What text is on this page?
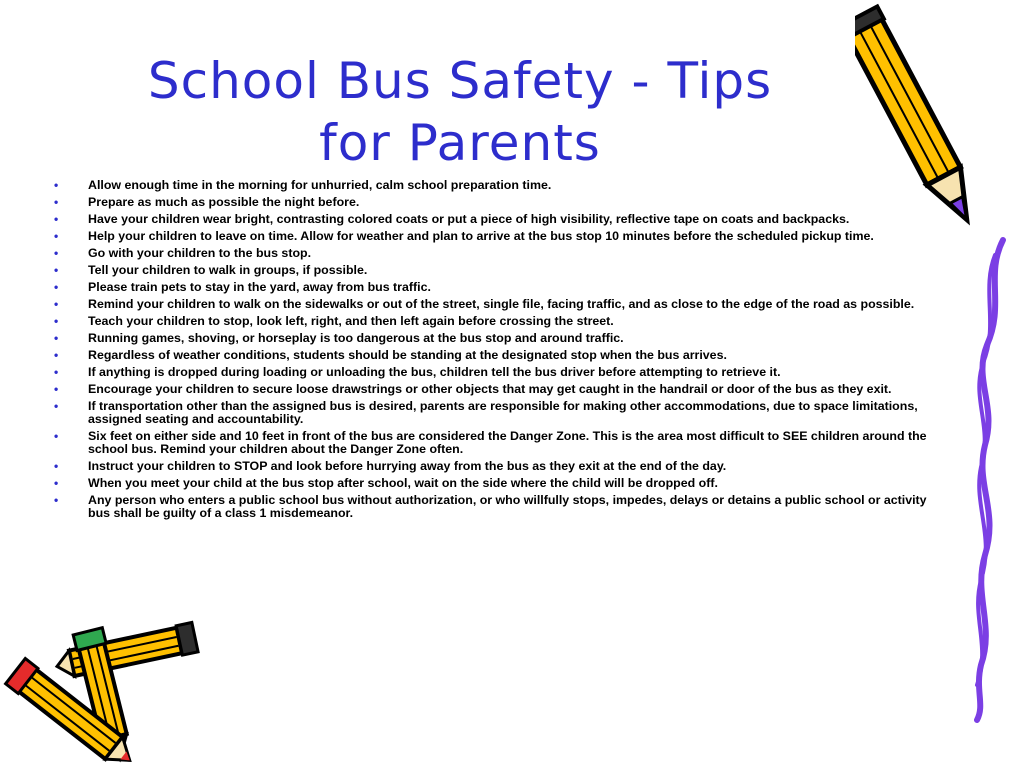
School Bus Safety - Tips
for Parents
• Allow enough time in the morning for unhurried, calm school preparation time.
• Prepare as much as possible the night before.
• Have your children wear bright, contrasting colored coats or put a piece of high visibility, reflective tape on coats and backpacks.
• Help your children to leave on time. Allow for weather and plan to arrive at the bus stop 10 minutes before the scheduled pickup time.
• Go with your children to the bus stop.
• Tell your children to walk in groups, if possible.
• Please train pets to stay in the yard, away from bus traffic.
• Remind your children to walk on the sidewalks or out of the street, single file, facing traffic, and as close to the edge of the road as possible.
• Teach your children to stop, look left, right, and then left again before crossing the street.
• Running games, shoving, or horseplay is too dangerous at the bus stop and around traffic.
• Regardless of weather conditions, students should be standing at the designated stop when the bus arrives.
• If anything is dropped during loading or unloading the bus, children tell the bus driver before attempting to retrieve it.
• Encourage your children to secure loose drawstrings or other objects that may get caught in the handrail or door of the bus as they exit.
• If transportation other than the assigned bus is desired, parents are responsible for making other accommodations, due to space limitations, assigned seating and accountability.
• Six feet on either side and 10 feet in front of the bus are considered the Danger Zone. This is the area most difficult to SEE children around the school bus. Remind your children about the Danger Zone often.
• Instruct your children to STOP and look before hurrying away from the bus as they exit at the end of the day.
• When you meet your child at the bus stop after school, wait on the side where the child will be dropped off.
• Any person who enters a public school bus without authorization, or who willfully stops, impedes, delays or detains a public school or activity bus shall be guilty of a class 1 misdemeanor.
